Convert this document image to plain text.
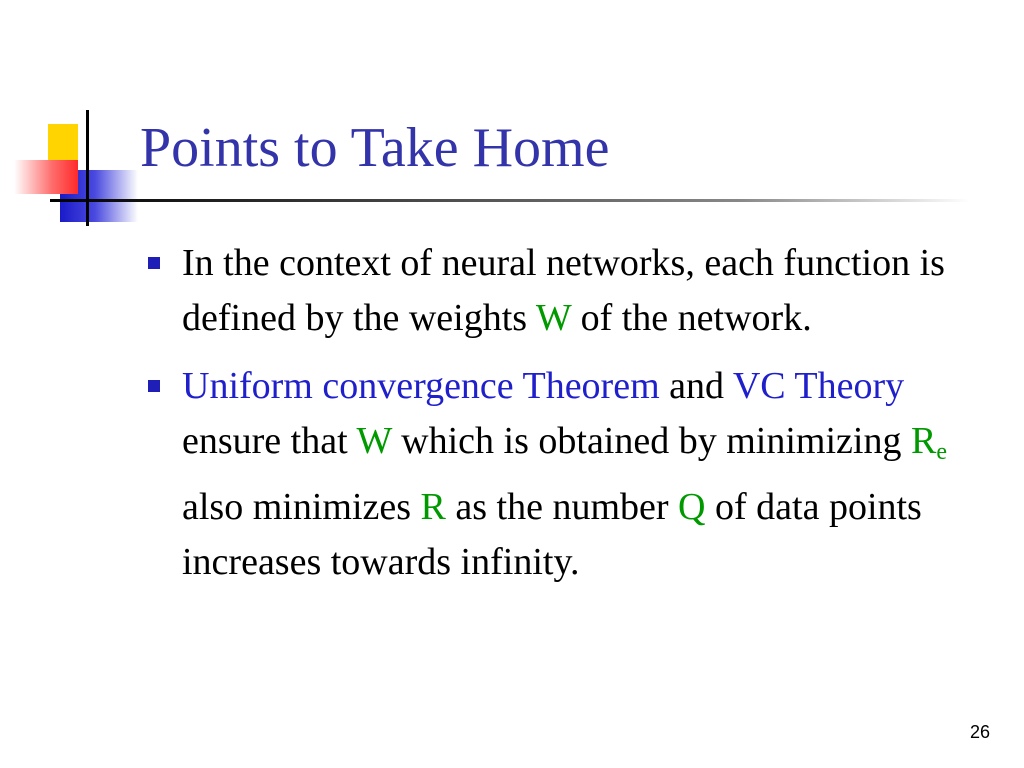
Points to Take Home
In the context of neural networks, each function is defined by the weights W of the network.
Uniform convergence Theorem and VC Theory ensure that W which is obtained by minimizing $R_e$ also minimizes R as the number Q of data points increases towards infinity.
26
